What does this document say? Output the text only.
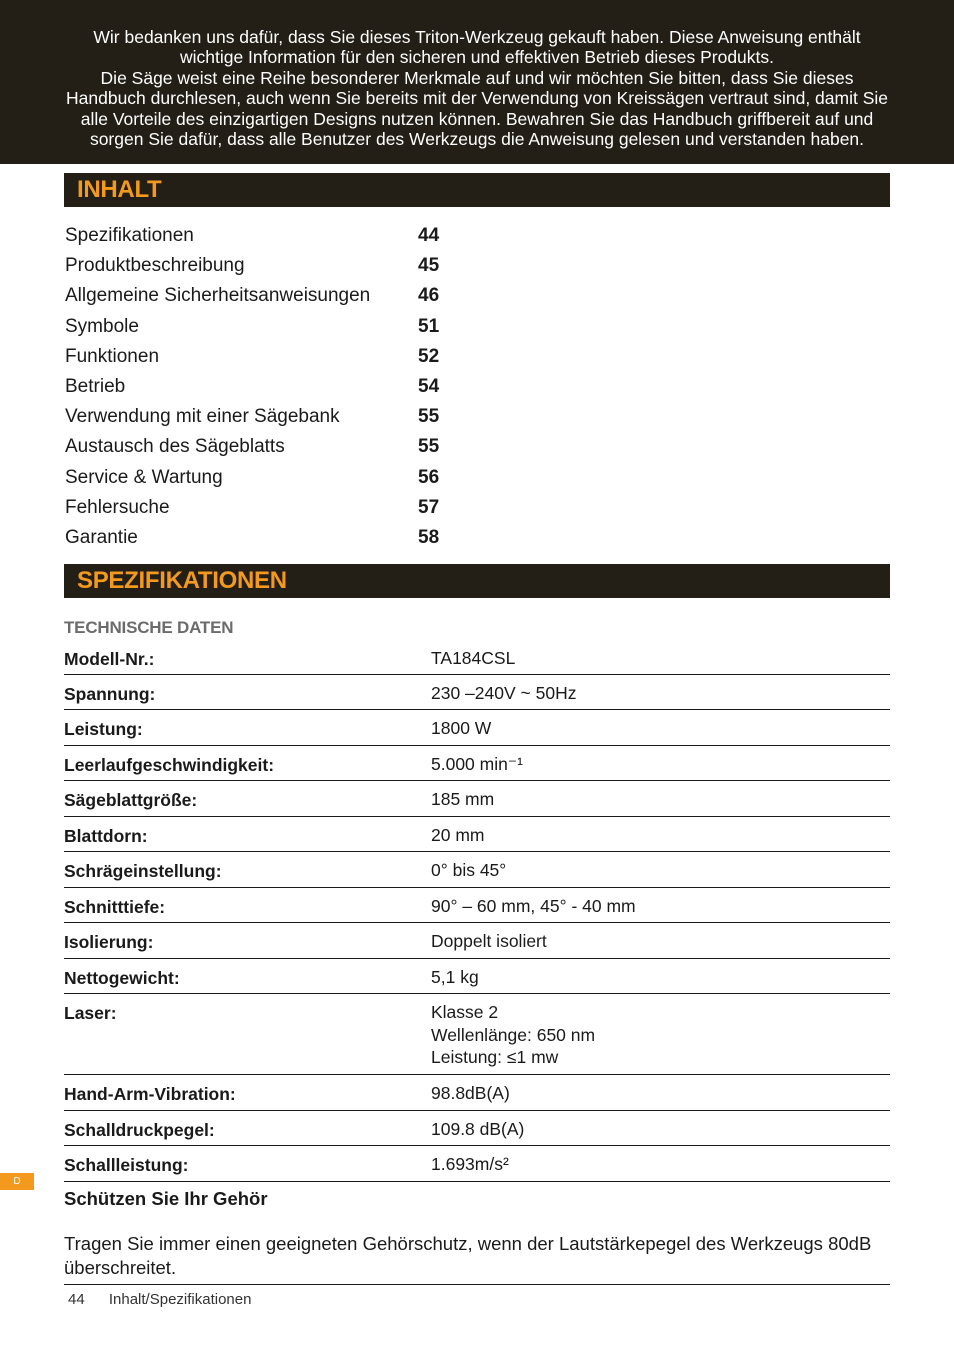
Wir bedanken uns dafür, dass Sie dieses Triton-Werkzeug gekauft haben. Diese Anweisung enthält wichtige Information für den sicheren und effektiven Betrieb dieses Produkts.

Die Säge weist eine Reihe besonderer Merkmale auf und wir möchten Sie bitten, dass Sie dieses Handbuch durchlesen, auch wenn Sie bereits mit der Verwendung von Kreissägen vertraut sind, damit Sie alle Vorteile des einzigartigen Designs nutzen können. Bewahren Sie das Handbuch griffbereit auf und sorgen Sie dafür, dass alle Benutzer des Werkzeugs die Anweisung gelesen und verstanden haben.

INHALT
Spezifikationen	44
Produktbeschreibung	45
Allgemeine Sicherheitsanweisungen	46
Symbole	51
Funktionen	52
Betrieb	54
Verwendung mit einer Sägebank	55
Austausch des Sägeblatts	55
Service & Wartung	56
Fehlersuche	57
Garantie	58
SPEZIFIKATIONEN
TECHNISCHE DATEN
Modell-Nr.:	TA184CSL
Spannung:	230 –240V ~ 50Hz
Leistung:	1800 W
Leerlaufgeschwindigkeit:	5.000 min⁻¹
Sägeblattgröße:	185 mm
Blattdorn:	20 mm
Schrägeinstellung:	0° bis 45°
Schnitttiefe:	90° – 60 mm, 45° - 40 mm
Isolierung:	Doppelt isoliert
Nettogewicht:	5,1 kg
Laser:	Klasse 2
Wellenlänge: 650 nm
Leistung: ≤1 mw
Hand-Arm-Vibration:	98.8dB(A)
Schalldruckpegel:	109.8 dB(A)
Schallleistung:	1.693m/s²
Schützen Sie Ihr Gehör

Tragen Sie immer einen geeigneten Gehörschutz, wenn der Lautstärkepegel des Werkzeugs 80dB überschreitet.

44 Inhalt/Spezifikationen
D
